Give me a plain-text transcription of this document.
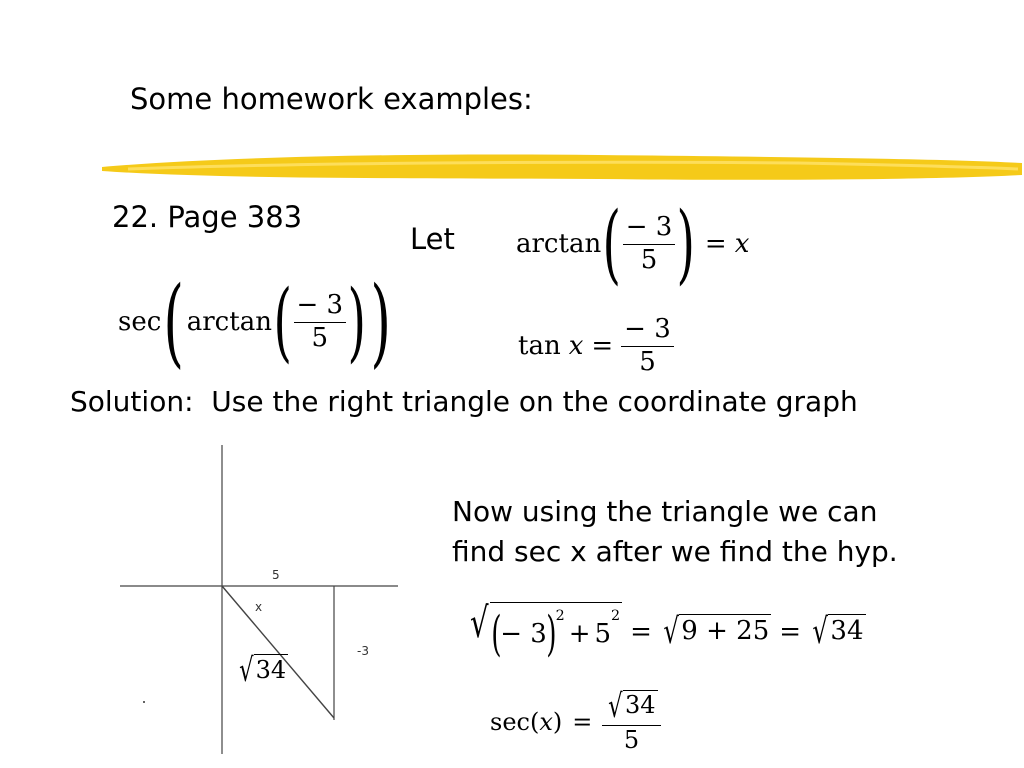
Some homework examples:
22. Page 383
sec ( arctan ( $\frac{- 3}{5}$ ) )
Let arctan ( $\frac{- 3}{5}$ ) = x
$\tan x = \frac{- 3}{5}$
Solution:  Use the right triangle on the coordinate graph
5
-3
x
√ 34
Now using the triangle we can
find sec x after we find the hyp.
√ ( − 3 )$^2$
+ 5
$^2$
= √ 9 + 25 = √ 34
sec( x ) = $\frac{√ 34}{5}$
